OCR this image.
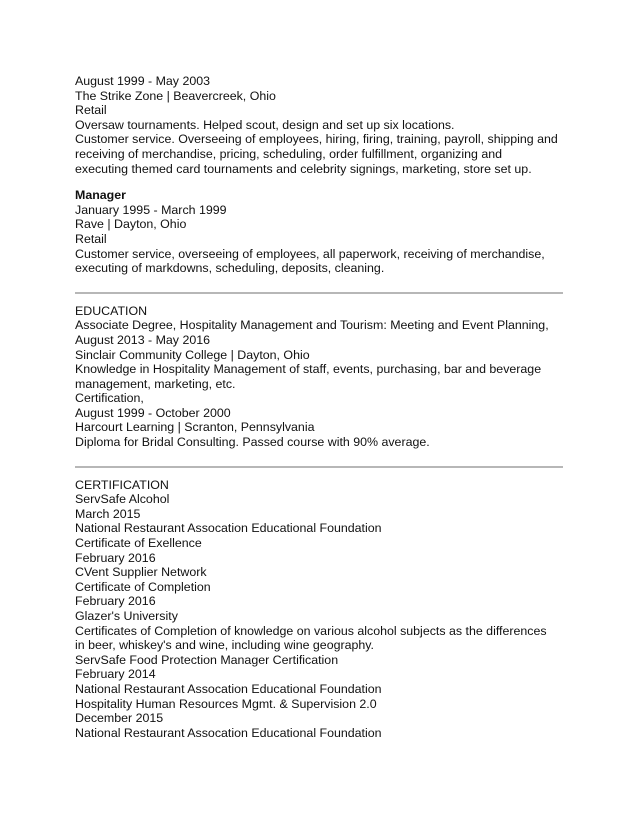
August 1999 - May 2003
The Strike Zone | Beavercreek, Ohio
Retail
Oversaw tournaments. Helped scout, design and set up six locations.
Customer service. Overseeing of employees, hiring, firing, training, payroll, shipping and
receiving of merchandise, pricing, scheduling, order fulfillment, organizing and
executing themed card tournaments and celebrity signings, marketing, store set up.
Manager
January 1995 - March 1999
Rave | Dayton, Ohio
Retail
Customer service, overseeing of employees, all paperwork, receiving of merchandise,
executing of markdowns, scheduling, deposits, cleaning.
EDUCATION
Associate Degree, Hospitality Management and Tourism: Meeting and Event Planning,
August 2013 - May 2016
Sinclair Community College | Dayton, Ohio
Knowledge in Hospitality Management of staff, events, purchasing, bar and beverage
management, marketing, etc.
Certification,
August 1999 - October 2000
Harcourt Learning | Scranton, Pennsylvania
Diploma for Bridal Consulting. Passed course with 90% average.
CERTIFICATION
ServSafe Alcohol
March 2015
National Restaurant Assocation Educational Foundation
Certificate of Exellence
February 2016
CVent Supplier Network
Certificate of Completion
February 2016
Glazer's University
Certificates of Completion of knowledge on various alcohol subjects as the differences
in beer, whiskey's and wine, including wine geography.
ServSafe Food Protection Manager Certification
February 2014
National Restaurant Assocation Educational Foundation
Hospitality Human Resources Mgmt. & Supervision 2.0
December 2015
National Restaurant Assocation Educational Foundation
